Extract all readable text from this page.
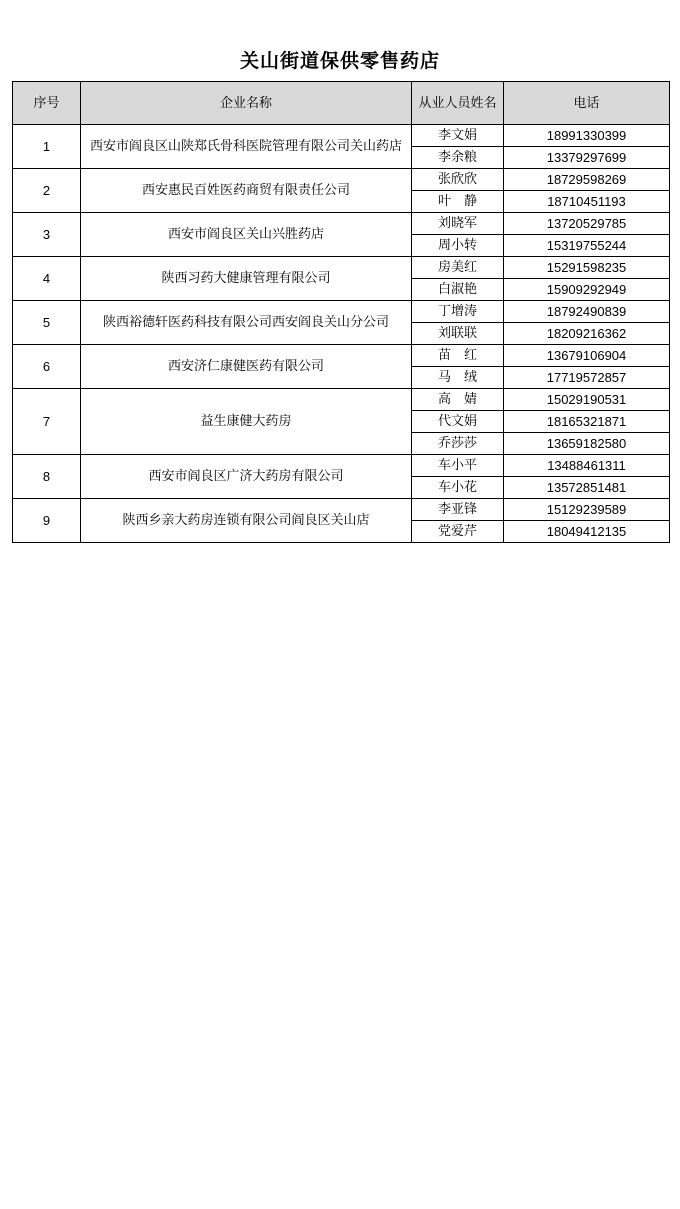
关山街道保供零售药店
序号	企业名称	从业人员姓名	电话
1	西安市阎良区山陕郑氏骨科医院管理有限公司关山药店	李文娟	18991330399
		李余粮	13379297699
2	西安惠民百姓医药商贸有限责任公司	张欣欣	18729598269
		叶　静	18710451193
3	西安市阎良区关山兴胜药店	刘晓军	13720529785
		周小转	15319755244
4	陕西习药大健康管理有限公司	房美红	15291598235
		白淑艳	15909292949
5	陕西裕德轩医药科技有限公司西安阎良关山分公司	丁增涛	18792490839
		刘联联	18209216362
6	西安济仁康健医药有限公司	苗　红	13679106904
		马　绒	17719572857
7	益生康健大药房	高　婧	15029190531
		代文娟	18165321871
		乔莎莎	13659182580
8	西安市阎良区广济大药房有限公司	车小平	13488461311
		车小花	13572851481
9	陕西乡亲大药房连锁有限公司阎良区关山店	李亚锋	15129239589
		党爱芹	18049412135
